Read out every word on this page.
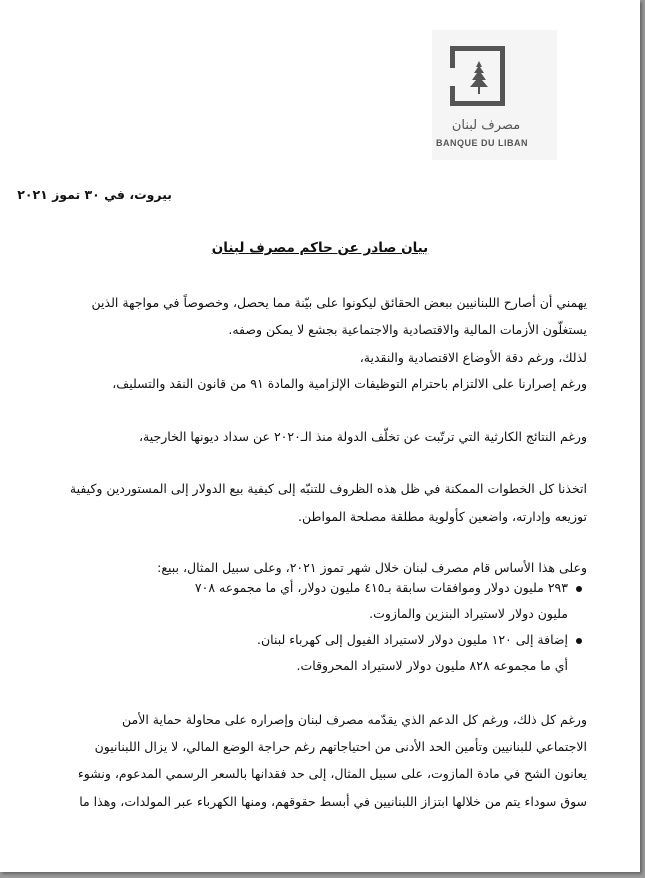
مصرف لبنان
BANQUE DU LIBAN
بيروت، في ٣٠ تموز ٢٠٢١
بيان صادر عن حاكم مصرف لبنان
يهمني أن أصارح اللبنانيين ببعض الحقائق ليكونوا على بيّنة مما يحصل، وخصوصاً في مواجهة الذين
يستغلّون الأزمات المالية والاقتصادية والاجتماعية بجشع لا يمكن وصفه.
لذلك، ورغم دقة الأوضاع الاقتصادية والنقدية،
ورغم إصرارنا على الالتزام باحترام التوظيفات الإلزامية والمادة ٩١ من قانون النقد والتسليف،
ورغم النتائج الكارثية التي ترتّبت عن تخلّف الدولة منذ الـ٢٠٢٠ عن سداد ديونها الخارجية،
اتخذنا كل الخطوات الممكنة في ظل هذه الظروف للتنبّه إلى كيفية بيع الدولار إلى المستوردين وكيفية
توزيعه وإدارته، واضعين كأولوية مطلقة مصلحة المواطن.
وعلى هذا الأساس قام مصرف لبنان خلال شهر تموز ٢٠٢١، وعلى سبيل المثال، ببيع:
٢٩٣ مليون دولار وموافقات سابقة بـ٤١٥ مليون دولار، أي ما مجموعه ٧٠٨
مليون دولار لاستيراد البنزين والمازوت.
إضافة إلى ١٢٠ مليون دولار لاستيراد الفيول إلى كهرباء لبنان.
أي ما مجموعه ٨٢٨ مليون دولار لاستيراد المحروقات.
ورغم كل ذلك، ورغم كل الدعم الذي يقدّمه مصرف لبنان وإصراره على محاولة حماية الأمن
الاجتماعي للبنانيين وتأمين الحد الأدنى من احتياجاتهم رغم حراجة الوضع المالي، لا يزال اللبنانيون
يعانون الشح في مادة المازوت، على سبيل المثال، إلى حد فقدانها بالسعر الرسمي المدعوم، ونشوء
سوق سوداء يتم من خلالها ابتزاز اللبنانيين في أبسط حقوقهم، ومنها الكهرباء عبر المولدات، وهذا ما
